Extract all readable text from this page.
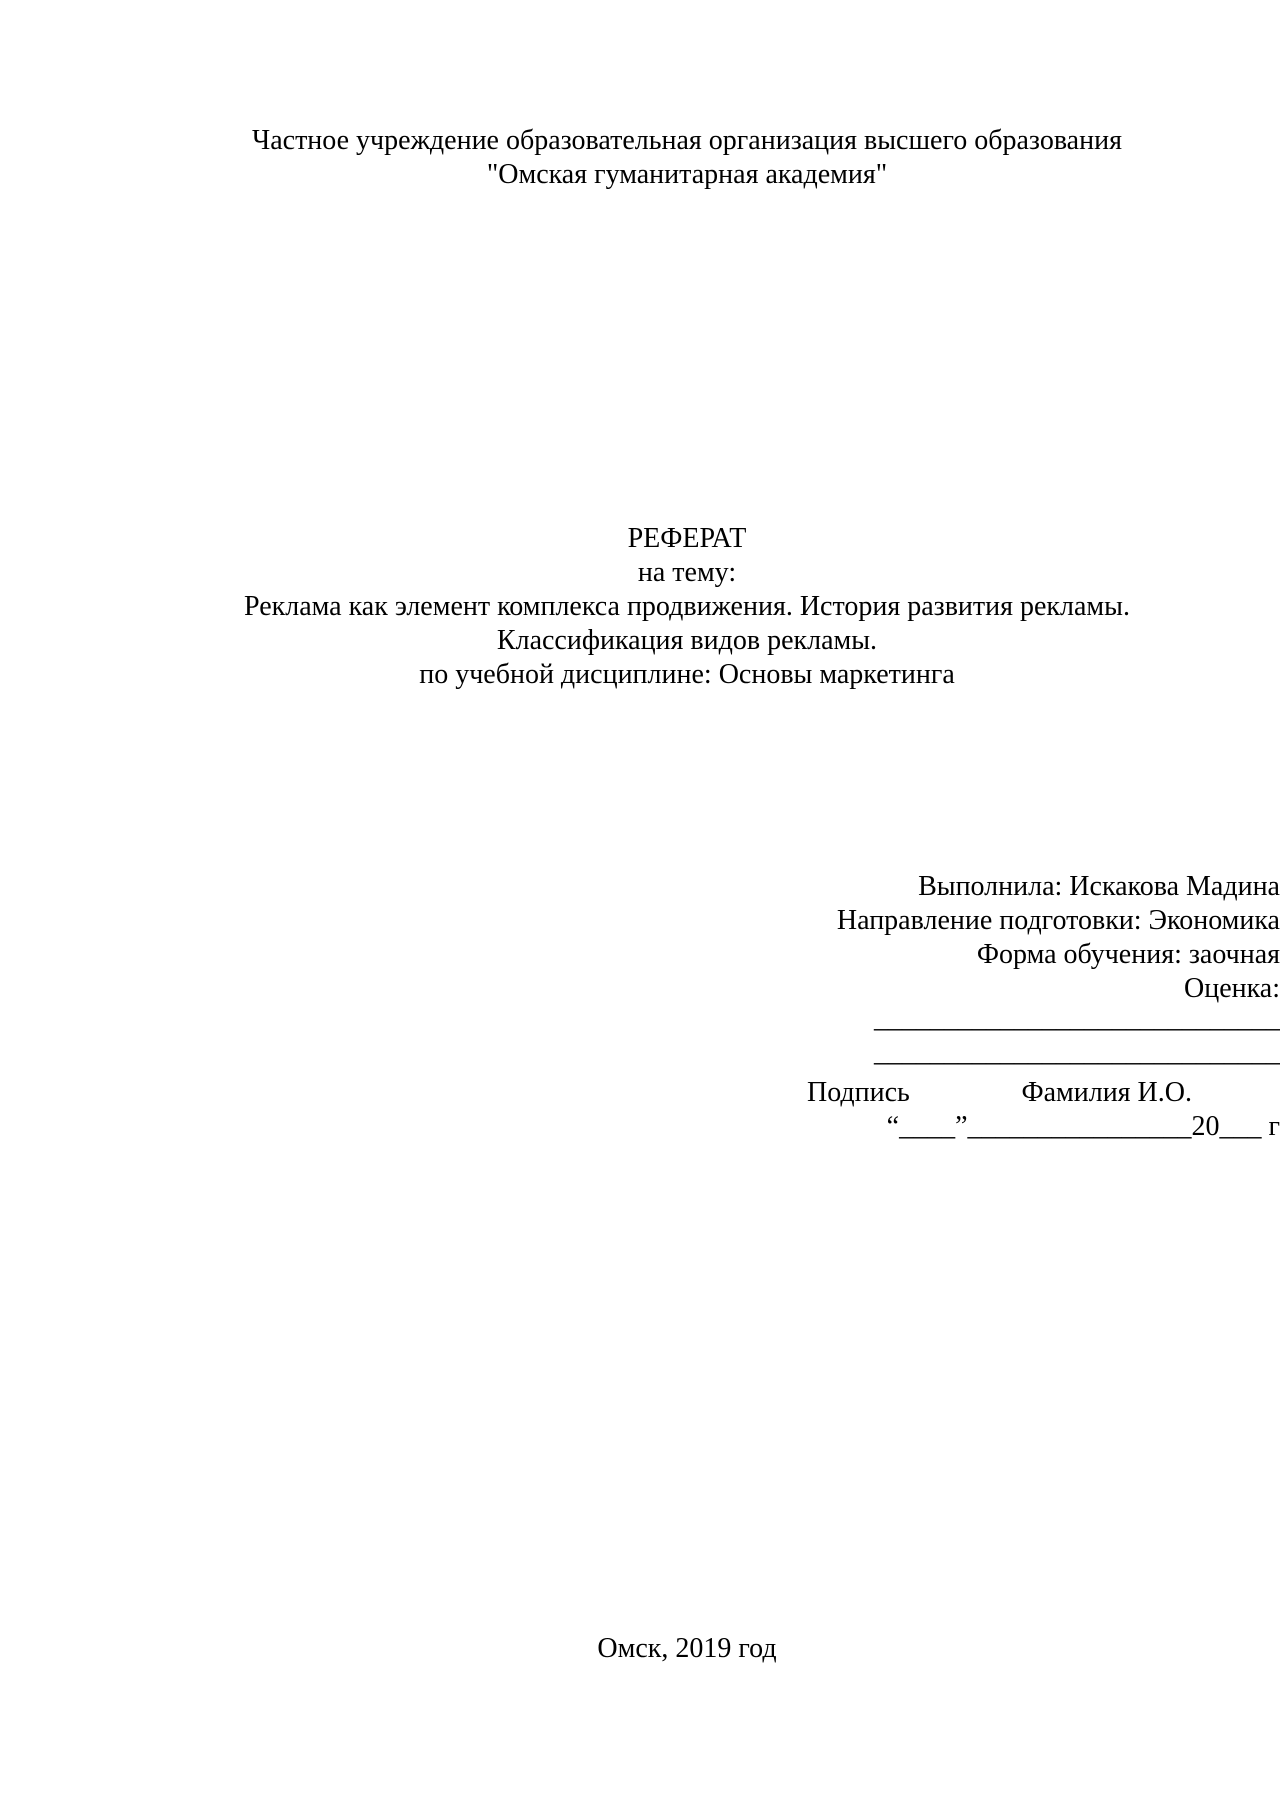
Частное учреждение образовательная организация высшего образования
"Омская гуманитарная академия"
РЕФЕРАТ
на тему:
Реклама как элемент комплекса продвижения. История развития рекламы.
Классификация видов рекламы.
по учебной дисциплине: Основы маркетинга
Выполнила: Искакова Мадина
Направление подготовки: Экономика
Форма обучения: заочная
Оценка:
_____________________________
_____________________________
Подпись	Фамилия И.О.
“____”________________20___ г
Омск, 2019 год
